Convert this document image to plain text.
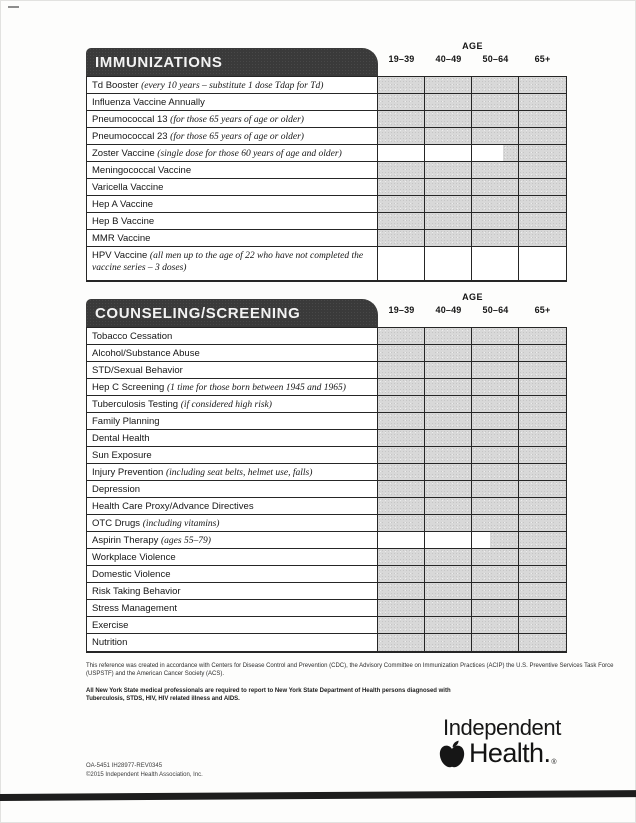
IMMUNIZATIONS
AGE
19–39	40–49	50–64	65+
Td Booster (every 10 years – substitute 1 dose Tdap for Td)
Influenza Vaccine Annually
Pneumococcal 13 (for those 65 years of age or older)
Pneumococcal 23 (for those 65 years of age or older)
Zoster Vaccine (single dose for those 60 years of age and older)
Meningococcal Vaccine
Varicella Vaccine
Hep A Vaccine
Hep B Vaccine
MMR Vaccine
HPV Vaccine (all men up to the age of 22 who have not completed the vaccine series – 3 doses)
COUNSELING/SCREENING
AGE
19–39	40–49	50–64	65+
Tobacco Cessation
Alcohol/Substance Abuse
STD/Sexual Behavior
Hep C Screening (1 time for those born between 1945 and 1965)
Tuberculosis Testing (if considered high risk)
Family Planning
Dental Health
Sun Exposure
Injury Prevention (including seat belts, helmet use, falls)
Depression
Health Care Proxy/Advance Directives
OTC Drugs (including vitamins)
Aspirin Therapy (ages 55–79)
Workplace Violence
Domestic Violence
Risk Taking Behavior
Stress Management
Exercise
Nutrition
This reference was created in accordance with Centers for Disease Control and Prevention (CDC), the Advisory Committee on Immunization Practices (ACIP) the U.S. Preventive Services Task Force (USPSTF) and the American Cancer Society (ACS).
All New York State medical professionals are required to report to New York State Department of Health persons diagnosed with Tuberculosis, STDS, HIV, HIV related illness and AIDS.
OA-5451 IH28977-REV0345
©2015 Independent Health Association, Inc.
Independent
Health. ®
